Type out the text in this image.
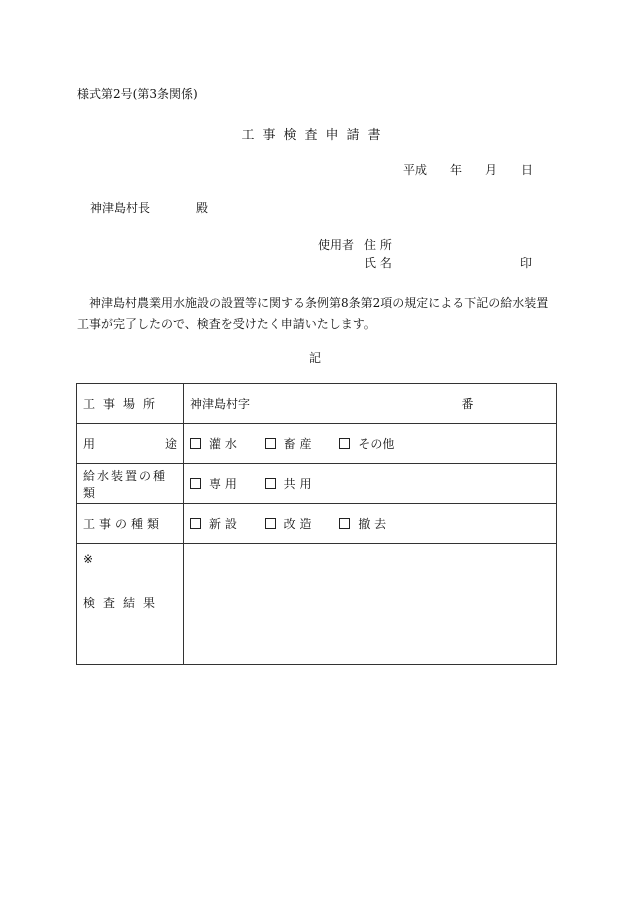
様式第2号(第3条関係)
工事検査申請書
平成 年 月 日
神津島村長	殿
使用者 住 所
氏 名	印
神津島村農業用水施設の設置等に関する条例第8条第2項の規定による下記の給水装置工事が完了したので、検査を受けたく申請いたします。
記
工事場所	神津島村字 番

用 途	灌 水 畜 産 その他
給水装置の種類	専 用 共 用
工事の種類	新 設 改 造 撤 去

※
検査結果	
